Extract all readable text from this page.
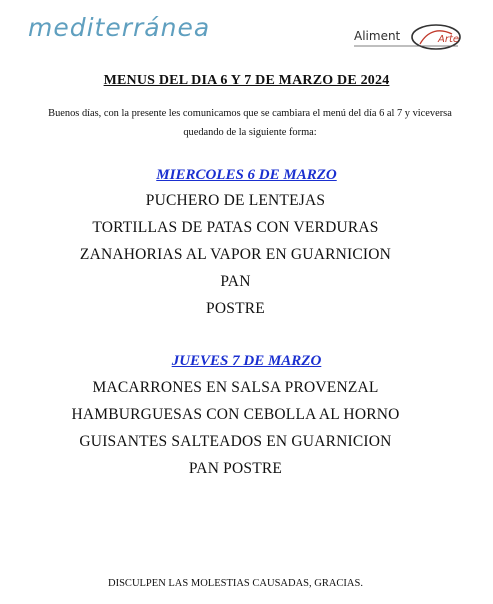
mediterránea	Arte
Aliment
MENUS DEL DIA 6 Y 7 DE MARZO DE 2024
Buenos días, con la presente les comunicamos que se cambiara el menú del día 6 al 7 y viceversa quedando de la siguiente forma:
MIERCOLES 6 DE MARZO
PUCHERO DE LENTEJAS
TORTILLAS DE PATAS CON VERDURAS
ZANAHORIAS AL VAPOR EN GUARNICION
PAN
POSTRE
JUEVES 7 DE MARZO
MACARRONES EN SALSA PROVENZAL
HAMBURGUESAS CON CEBOLLA AL HORNO
GUISANTES SALTEADOS EN GUARNICION
PAN POSTRE
DISCULPEN LAS MOLESTIAS CAUSADAS, GRACIAS.
